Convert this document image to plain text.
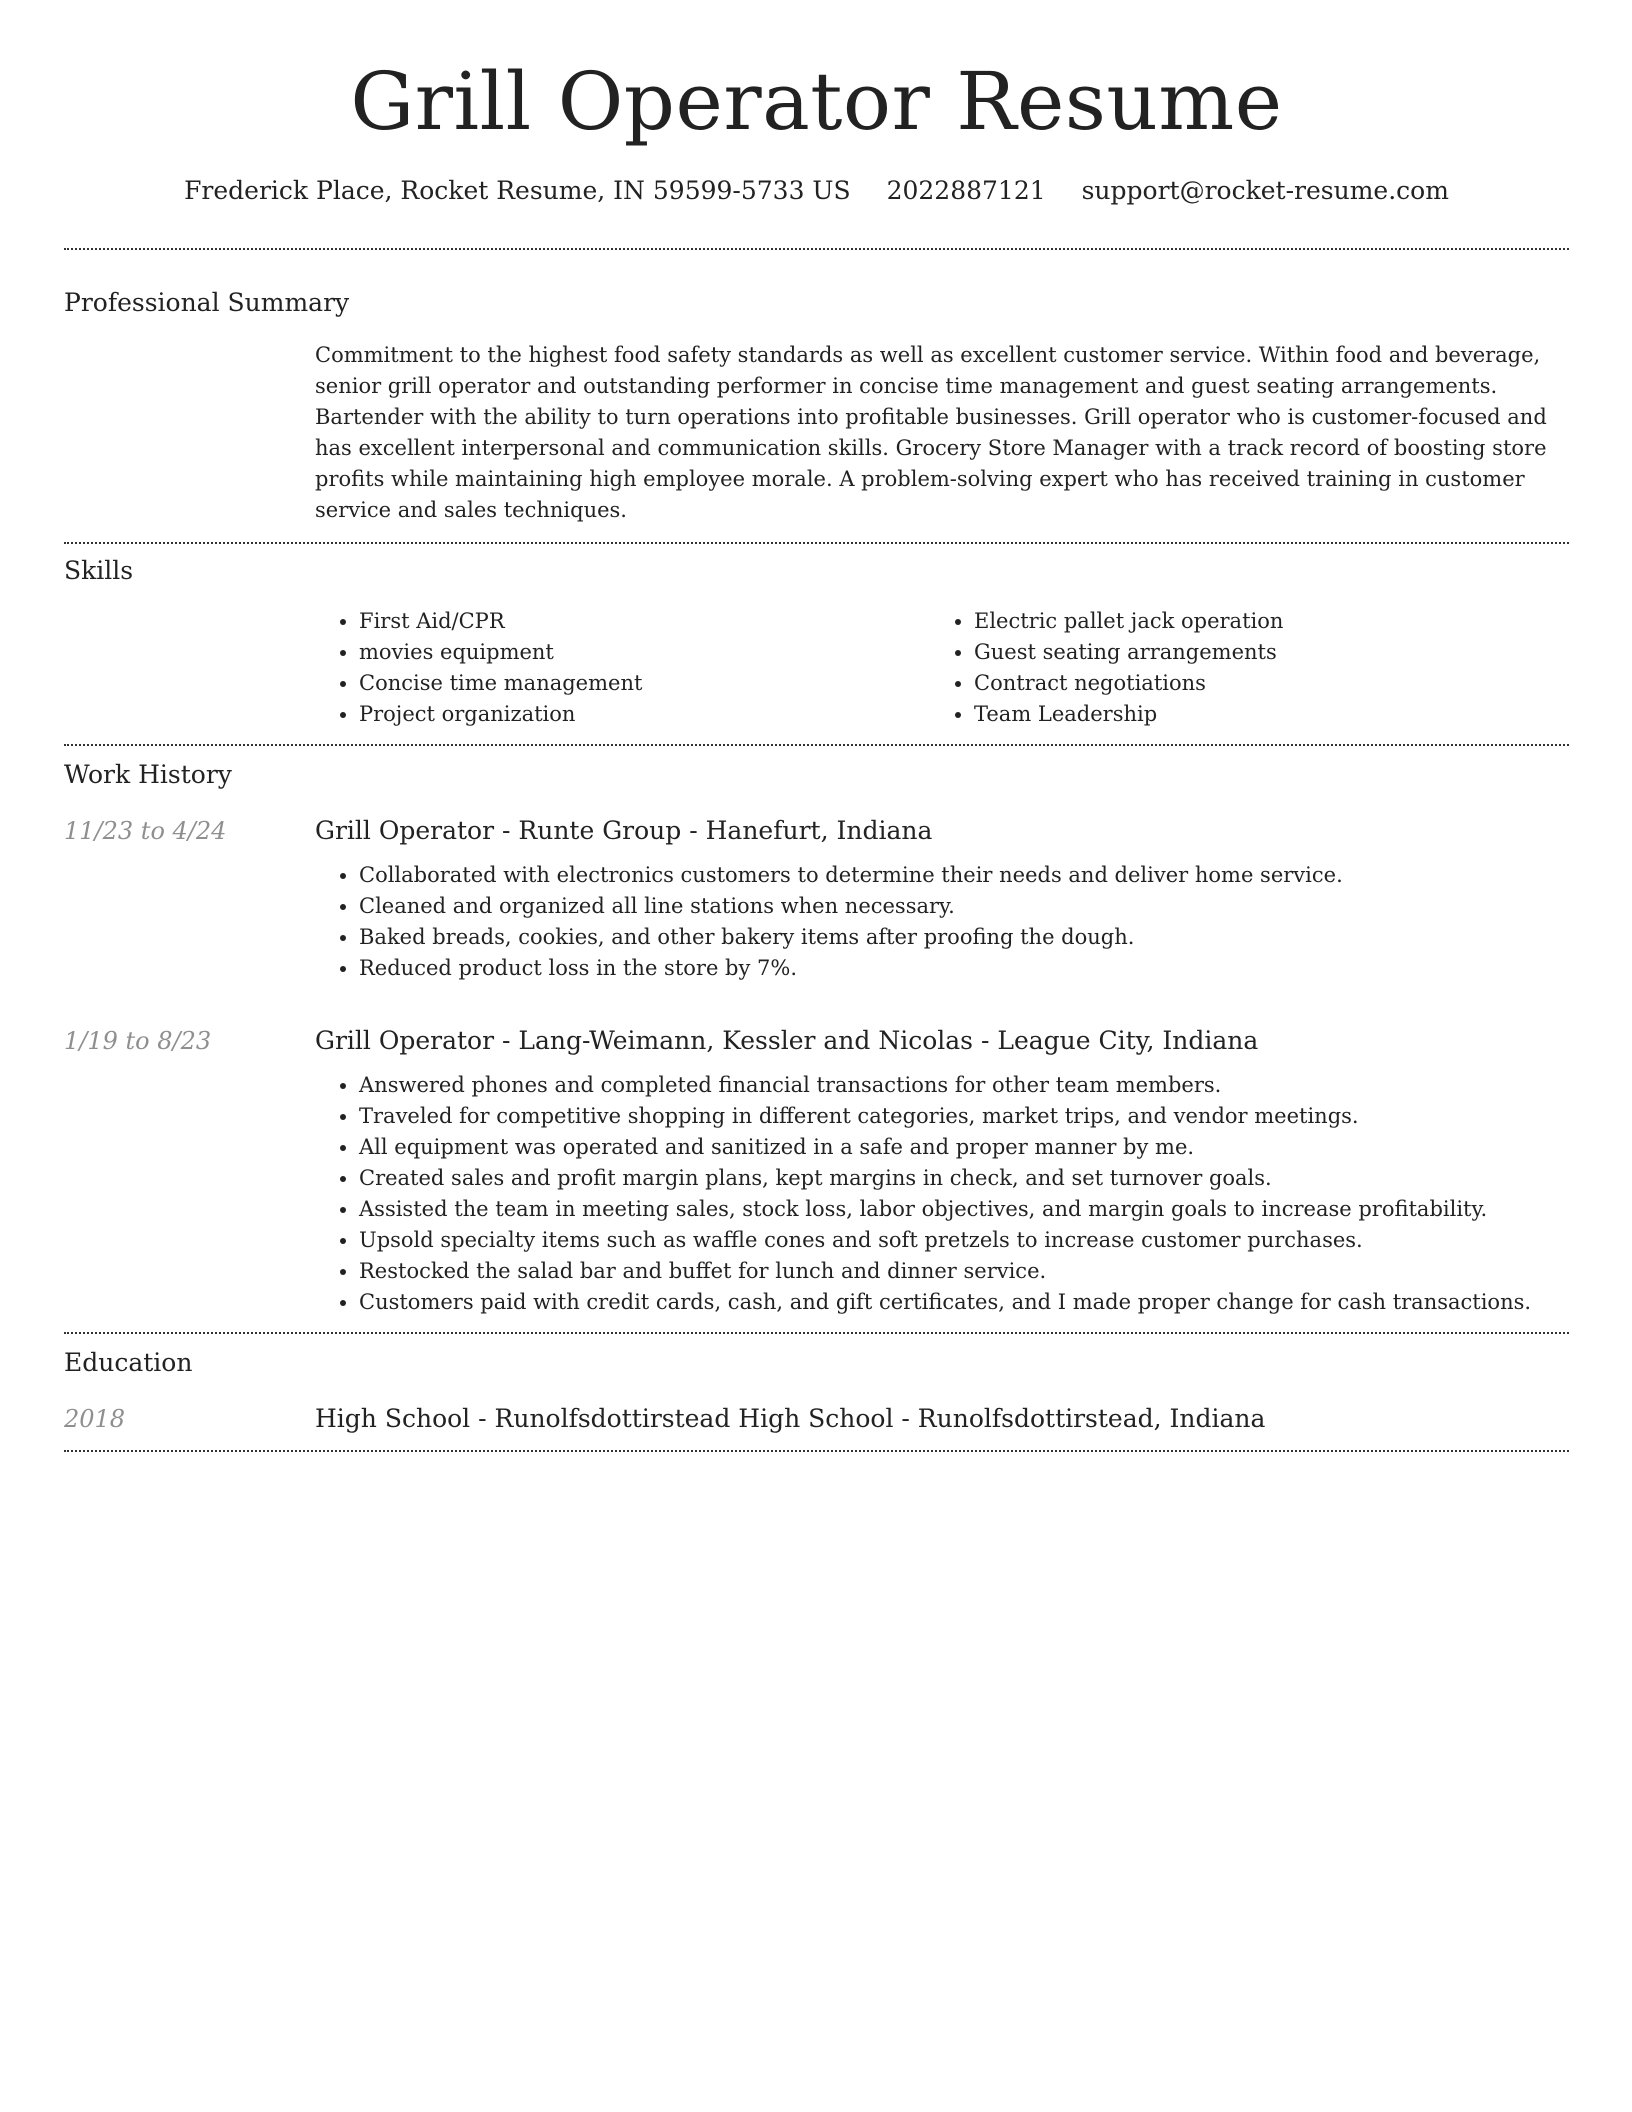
Grill Operator Resume
Frederick Place, Rocket Resume, IN 59599-5733 US 2022887121 support@rocket-resume.com
Professional Summary

Commitment to the highest food safety standards as well as excellent customer service. Within food and beverage, senior grill operator and outstanding performer in concise time management and guest seating arrangements. Bartender with the ability to turn operations into profitable businesses. Grill operator who is customer-focused and has excellent interpersonal and communication skills. Grocery Store Manager with a track record of boosting store profits while maintaining high employee morale. A problem-solving expert who has received training in customer service and sales techniques.

Skills
• First Aid/CPR
• movies equipment
• Concise time management
• Project organization
• Electric pallet jack operation
• Guest seating arrangements
• Contract negotiations
• Team Leadership
Work History
11/23 to 4/24	Grill Operator - Runte Group - Hanefurt, Indiana
• Collaborated with electronics customers to determine their needs and deliver home service.
• Cleaned and organized all line stations when necessary.
• Baked breads, cookies, and other bakery items after proofing the dough.
• Reduced product loss in the store by 7%.
1/19 to 8/23	Grill Operator - Lang-Weimann, Kessler and Nicolas - League City, Indiana
• Answered phones and completed financial transactions for other team members.
• Traveled for competitive shopping in different categories, market trips, and vendor meetings.
• All equipment was operated and sanitized in a safe and proper manner by me.
• Created sales and profit margin plans, kept margins in check, and set turnover goals.
• Assisted the team in meeting sales, stock loss, labor objectives, and margin goals to increase profitability.
• Upsold specialty items such as waffle cones and soft pretzels to increase customer purchases.
• Restocked the salad bar and buffet for lunch and dinner service.
• Customers paid with credit cards, cash, and gift certificates, and I made proper change for cash transactions.
Education
2018	High School - Runolfsdottirstead High School - Runolfsdottirstead, Indiana
